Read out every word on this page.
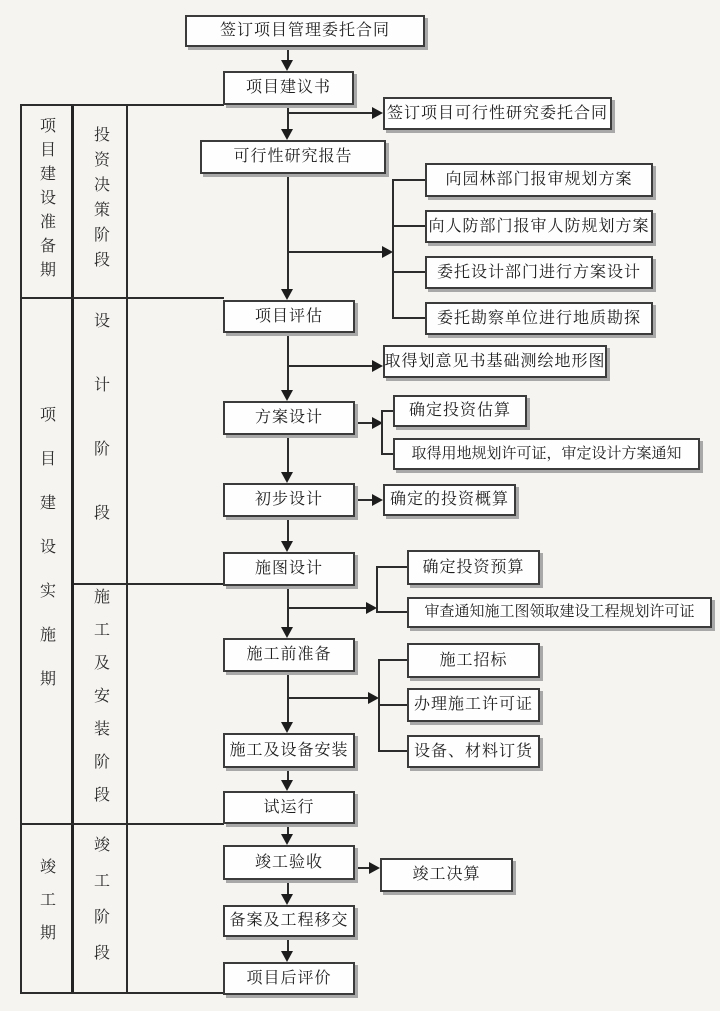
项目建设准备期
项目建设实施期
竣工期
投资决策阶段
设计阶段
施工及安装阶段
竣工阶段
签订项目管理委托合同
项目建议书
可行性研究报告
项目评估
方案设计
初步设计
施图设计
施工前准备
施工及设备安装
试运行
竣工验收
备案及工程移交
项目后评价
签订项目可行性研究委托合同
向园林部门报审规划方案
向人防部门报审人防规划方案
委托设计部门进行方案设计
委托勘察单位进行地质勘探
取得划意见书基础测绘地形图
确定投资估算
取得用地规划许可证，审定设计方案通知
确定的投资概算
确定投资预算
审查通知施工图领取建设工程规划许可证
施工招标
办理施工许可证
设备、材料订货
竣工决算
